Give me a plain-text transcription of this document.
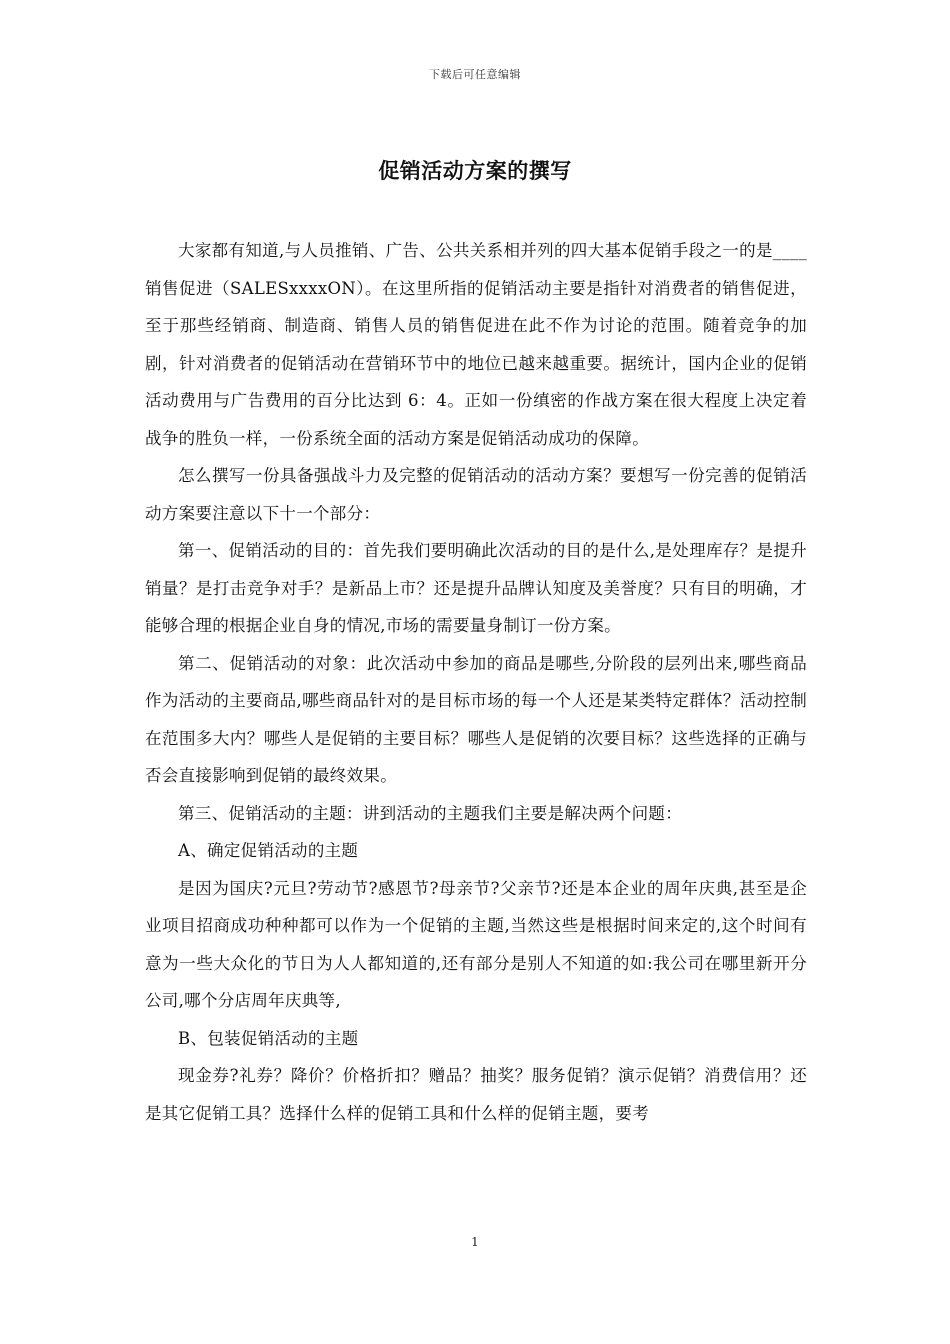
下载后可任意编辑
促销活动方案的撰写

大家都有知道,与人员推销、广告、公共关系相并列的四大基本促销手段之一的是____销售促进（SALESxxxxON）。在这里所指的促销活动主要是指针对消费者的销售促进，至于那些经销商、制造商、销售人员的销售促进在此不作为讨论的范围。随着竞争的加剧，针对消费者的促销活动在营销环节中的地位已越来越重要。据统计，国内企业的促销活动费用与广告费用的百分比达到 6：4。正如一份缜密的作战方案在很大程度上决定着战争的胜负一样，一份系统全面的活动方案是促销活动成功的保障。

怎么撰写一份具备强战斗力及完整的促销活动的活动方案？要想写一份完善的促销活动方案要注意以下十一个部分：

第一、促销活动的目的：首先我们要明确此次活动的目的是什么,是处理库存？是提升销量？是打击竞争对手？是新品上市？还是提升品牌认知度及美誉度？只有目的明确，才能够合理的根据企业自身的情况,市场的需要量身制订一份方案。

第二、促销活动的对象：此次活动中参加的商品是哪些,分阶段的层列出来,哪些商品作为活动的主要商品,哪些商品针对的是目标市场的每一个人还是某类特定群体？活动控制在范围多大内？哪些人是促销的主要目标？哪些人是促销的次要目标？这些选择的正确与否会直接影响到促销的最终效果。

第三、促销活动的主题：讲到活动的主题我们主要是解决两个问题：

A、确定促销活动的主题

是因为国庆?元旦?劳动节?感恩节?母亲节?父亲节?还是本企业的周年庆典,甚至是企业项目招商成功种种都可以作为一个促销的主题,当然这些是根据时间来定的,这个时间有意为一些大众化的节日为人人都知道的,还有部分是别人不知道的如:我公司在哪里新开分公司,哪个分店周年庆典等,

B、包装促销活动的主题

现金券?礼券？降价？价格折扣？赠品？抽奖？服务促销？演示促销？消费信用？还是其它促销工具？选择什么样的促销工具和什么样的促销主题，要考

1
